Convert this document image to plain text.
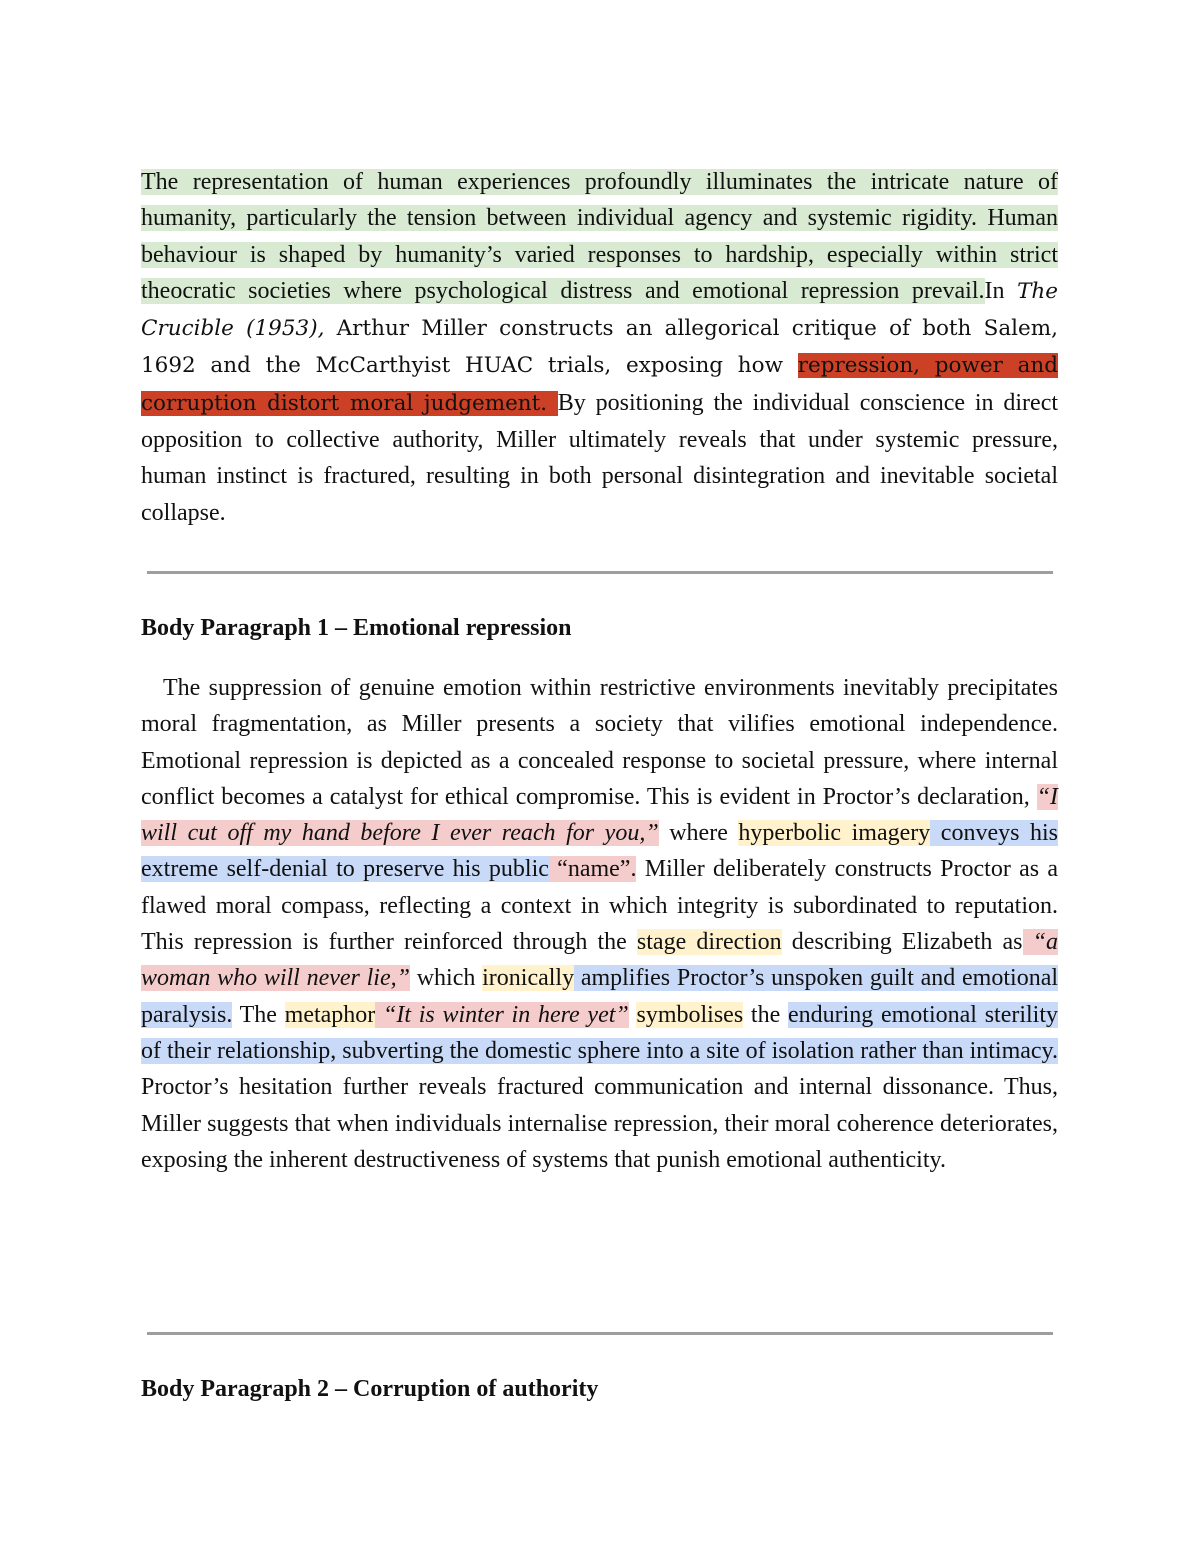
The representation of human experiences profoundly illuminates the intricate nature of humanity, particularly the tension between individual agency and systemic rigidity. Human behaviour is shaped by humanity’s varied responses to hardship, especially within strict theocratic societies where psychological distress and emotional repression prevail.In The Crucible (1953), Arthur Miller constructs an allegorical critique of both Salem, 1692 and the McCarthyist HUAC trials, exposing how repression, power and corruption distort moral judgement. By positioning the individual conscience in direct opposition to collective authority, Miller ultimately reveals that under systemic pressure, human instinct is fractured, resulting in both personal disintegration and inevitable societal collapse.

Body Paragraph 1 – Emotional repression

The suppression of genuine emotion within restrictive environments inevitably precipitates moral fragmentation, as Miller presents a society that vilifies emotional independence. Emotional repression is depicted as a concealed response to societal pressure, where internal conflict becomes a catalyst for ethical compromise. This is evident in Proctor’s declaration, “I will cut off my hand before I ever reach for you,” where hyperbolic imagery conveys his extreme self-denial to preserve his public “name”. Miller deliberately constructs Proctor as a flawed moral compass, reflecting a context in which integrity is subordinated to reputation. This repression is further reinforced through the stage direction describing Elizabeth as “a woman who will never lie,” which ironically amplifies Proctor’s unspoken guilt and emotional paralysis. The metaphor “It is winter in here yet” symbolises the enduring emotional sterility of their relationship, subverting the domestic sphere into a site of isolation rather than intimacy. Proctor’s hesitation further reveals fractured communication and internal dissonance. Thus, Miller suggests that when individuals internalise repression, their moral coherence deteriorates, exposing the inherent destructiveness of systems that punish emotional authenticity.

Body Paragraph 2 – Corruption of authority
